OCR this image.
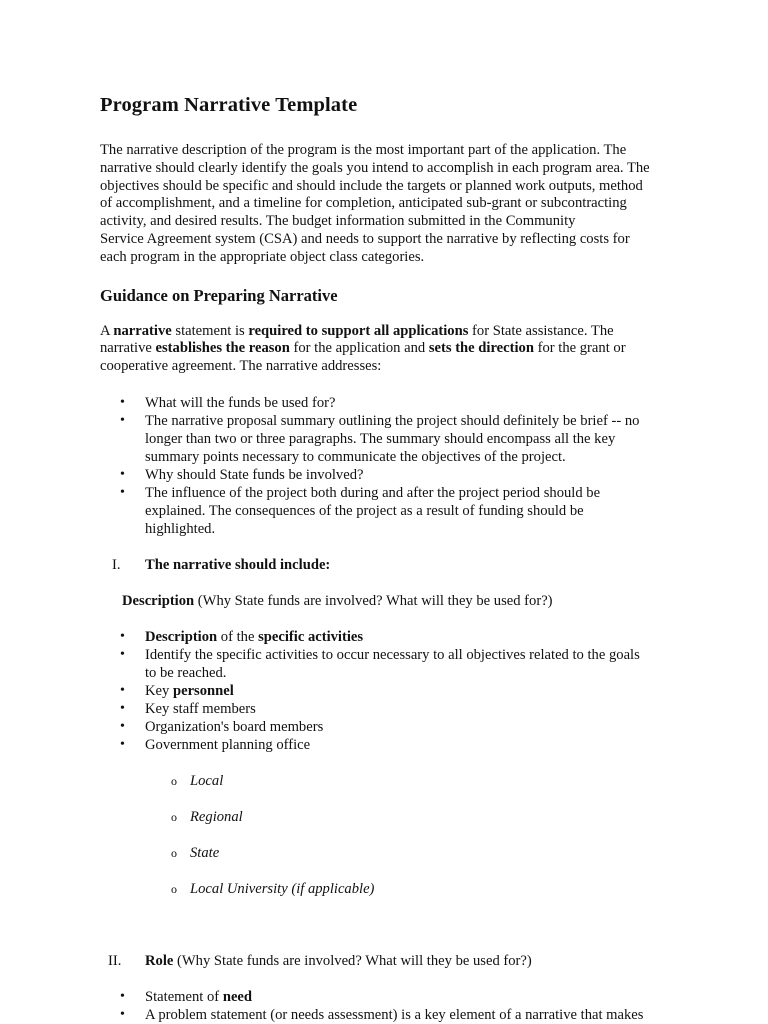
Program Narrative Template

The narrative description of the program is the most important part of the application. The
narrative should clearly identify the goals you intend to accomplish in each program area. The
objectives should be specific and should include the targets or planned work outputs, method
of accomplishment, and a timeline for completion, anticipated sub-grant or subcontracting
activity, and desired results. The budget information submitted in the Community
Service Agreement system (CSA) and needs to support the narrative by reflecting costs for
each program in the appropriate object class categories.

Guidance on Preparing Narrative

A narrative statement is required to support all applications for State assistance. The
narrative establishes the reason for the application and sets the direction for the grant or
cooperative agreement. The narrative addresses:

• What will the funds be used for?
• The narrative proposal summary outlining the project should definitely be brief -- no
longer than two or three paragraphs. The summary should encompass all the key
summary points necessary to communicate the objectives of the project.
• Why should State funds be involved?
• The influence of the project both during and after the project period should be
explained. The consequences of the project as a result of funding should be
highlighted.
I. The narrative should include:
Description (Why State funds are involved? What will they be used for?)
• Description of the specific activities
• Identify the specific activities to occur necessary to all objectives related to the goals
to be reached.
• Key personnel
• Key staff members
• Organization's board members
• Government planning office

o Local

o Regional

o State

o Local University (if applicable)

II. Role (Why State funds are involved? What will they be used for?)
• Statement of need
• A problem statement (or needs assessment) is a key element of a narrative that makes
